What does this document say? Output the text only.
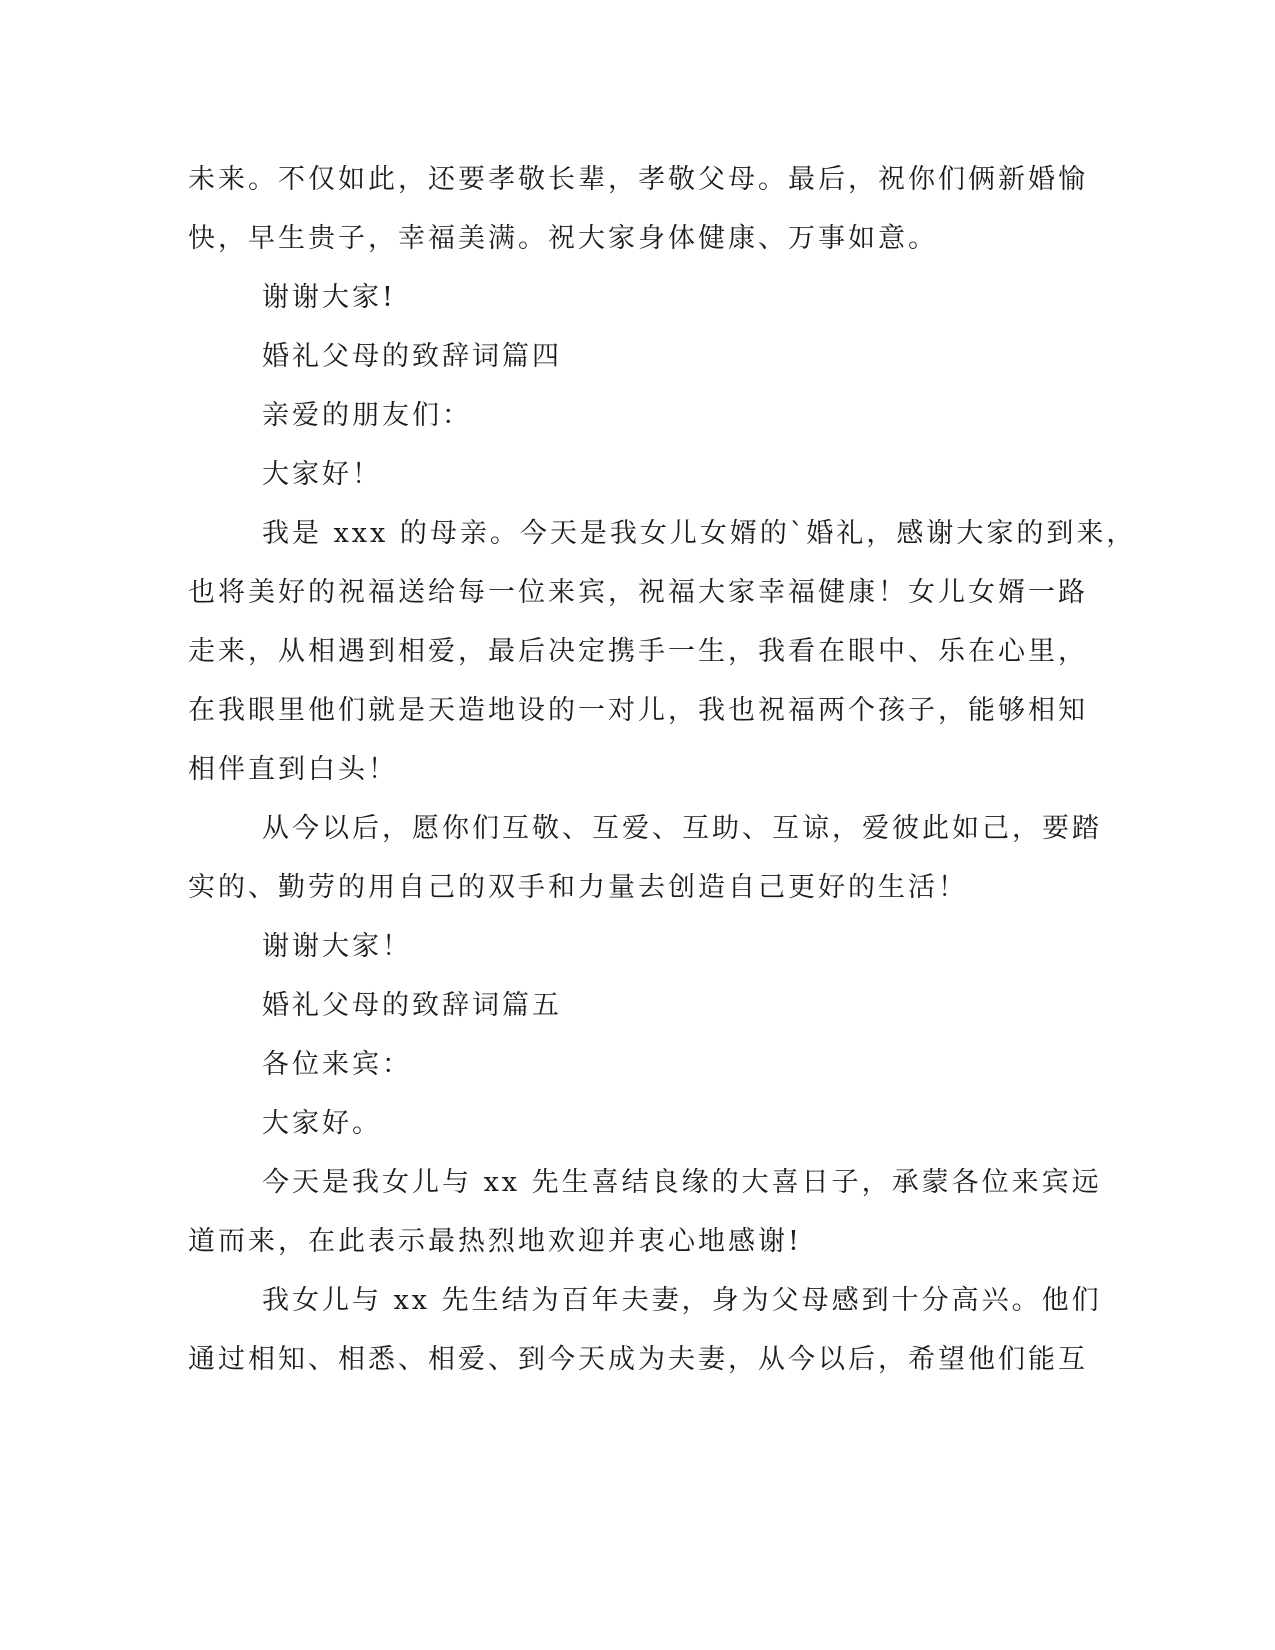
未来。不仅如此，还要孝敬长辈，孝敬父母。最后，祝你们俩新婚愉
快，早生贵子，幸福美满。祝大家身体健康、万事如意。
谢谢大家!
婚礼父母的致辞词篇四
亲爱的朋友们：
大家好！
我是 xxx 的母亲。今天是我女儿女婿的`婚礼，感谢大家的到来，
也将美好的祝福送给每一位来宾，祝福大家幸福健康！女儿女婿一路
走来，从相遇到相爱，最后决定携手一生，我看在眼中、乐在心里，
在我眼里他们就是天造地设的一对儿，我也祝福两个孩子，能够相知
相伴直到白头！
从今以后，愿你们互敬、互爱、互助、互谅，爱彼此如己，要踏
实的、勤劳的用自己的双手和力量去创造自己更好的生活！
谢谢大家！
婚礼父母的致辞词篇五
各位来宾：
大家好。
今天是我女儿与 xx 先生喜结良缘的大喜日子，承蒙各位来宾远
道而来，在此表示最热烈地欢迎并衷心地感谢!
我女儿与 xx 先生结为百年夫妻，身为父母感到十分高兴。他们
通过相知、相悉、相爱、到今天成为夫妻，从今以后，希望他们能互
